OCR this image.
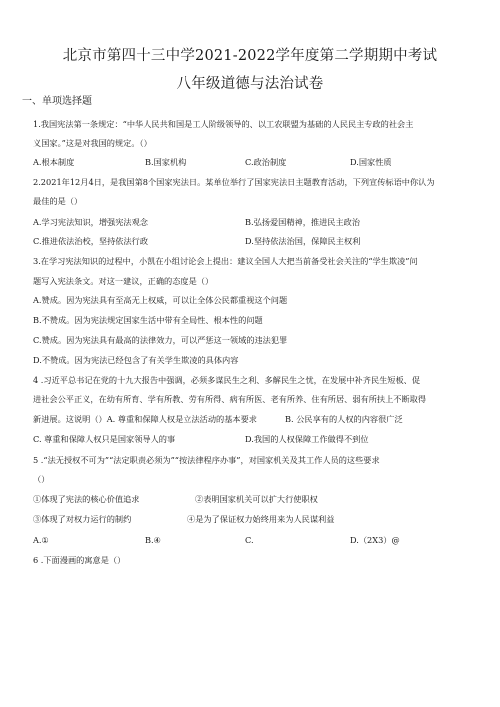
北京市第四十三中学2021-2022学年度第二学期期中考试
八年级道德与法治试卷
一、单项选择题
1.我国宪法第一条规定：“中华人民共和国是工人阶级领导的、以工农联盟为基础的人民民主专政的社会主
义国家。”这是对我国的规定。（）
A.根本制度	B.国家机构	C.政治制度	D.国家性质
2.2021年12月4日，是我国第8个国家宪法日。某单位举行了国家宪法日主题教育活动，下列宣传标语中你认为
最佳的是（）
A.学习宪法知识，增强宪法观念	B.弘扬爱国精神，推进民主政治
C.推进依法治校，坚持依法行政	D.坚持依法治国，保障民主权利
3.在学习宪法知识的过程中，小凯在小组讨论会上提出：建议全国人大把当前备受社会关注的“学生欺凌”问
题写入宪法条文。对这一建议，正确的态度是（）
A.赞成。因为宪法具有至高无上权威，可以让全体公民都重视这个问题
B.不赞成。因为宪法规定国家生活中带有全局性、根本性的问题
C.赞成。因为宪法具有最高的法律效力，可以严惩这一领域的违法犯罪
D.不赞成。因为宪法已经包含了有关学生欺凌的具体内容
4 .习近平总书记在党的十九大报告中强调，必须多谋民生之利、多解民生之忧，在发展中补齐民生短板、促
进社会公平正义，在幼有所育、学有所教、劳有所得、病有所医、老有所养、住有所居、弱有所扶上不断取得
新进展。这说明（）A. 尊重和保障人权是立法活动的基本要求	B. 公民享有的人权的内容很广泛
C. 尊重和保障人权只是国家领导人的事	D.我国的人权保障工作做得不到位
5 .“法无授权不可为”“法定职责必须为”“按法律程序办事”，对国家机关及其工作人员的这些要求
（）
①体现了宪法的核心价值追求	②表明国家机关可以扩大行使职权
③体现了对权力运行的制约	④是为了保证权力始终用来为人民谋利益
A.①	B.④	C.	D.（2X3）@
6 .下面漫画的寓意是（）
